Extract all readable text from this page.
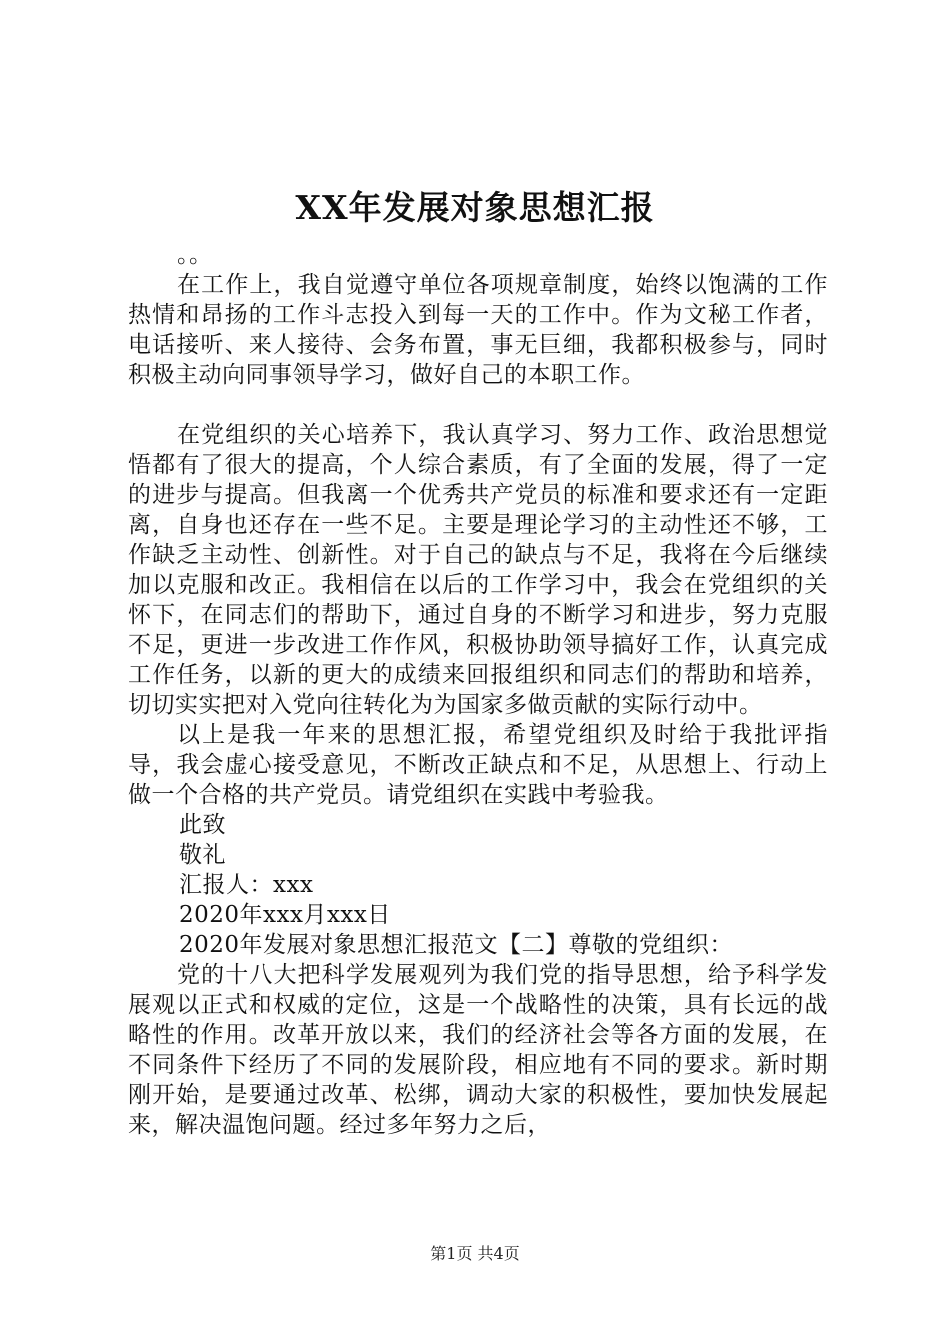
XX年发展对象思想汇报

。。

在工作上，我自觉遵守单位各项规章制度，始终以饱满的工作热情和昂扬的工作斗志投入到每一天的工作中。作为文秘工作者，电话接听、来人接待、会务布置，事无巨细，我都积极参与，同时积极主动向同事领导学习，做好自己的本职工作。

在党组织的关心培养下，我认真学习、努力工作、政治思想觉悟都有了很大的提高，个人综合素质，有了全面的发展，得了一定的进步与提高。但我离一个优秀共产党员的标准和要求还有一定距离，自身也还存在一些不足。主要是理论学习的主动性还不够，工作缺乏主动性、创新性。对于自己的缺点与不足，我将在今后继续加以克服和改正。我相信在以后的工作学习中，我会在党组织的关怀下，在同志们的帮助下，通过自身的不断学习和进步，努力克服不足，更进一步改进工作作风，积极协助领导搞好工作，认真完成工作任务，以新的更大的成绩来回报组织和同志们的帮助和培养，切切实实把对入党向往转化为为国家多做贡献的实际行动中。

以上是我一年来的思想汇报，希望党组织及时给于我批评指导，我会虚心接受意见，不断改正缺点和不足，从思想上、行动上做一个合格的共产党员。请党组织在实践中考验我。

此致

敬礼

汇报人：xxx

2020年xxx月xxx日

2020年发展对象思想汇报范文【二】尊敬的党组织：

党的十八大把科学发展观列为我们党的指导思想，给予科学发展观以正式和权威的定位，这是一个战略性的决策，具有长远的战略性的作用。改革开放以来，我们的经济社会等各方面的发展，在不同条件下经历了不同的发展阶段，相应地有不同的要求。新时期刚开始，是要通过改革、松绑，调动大家的积极性，要加快发展起来，解决温饱问题。经过多年努力之后，

第1页 共4页
